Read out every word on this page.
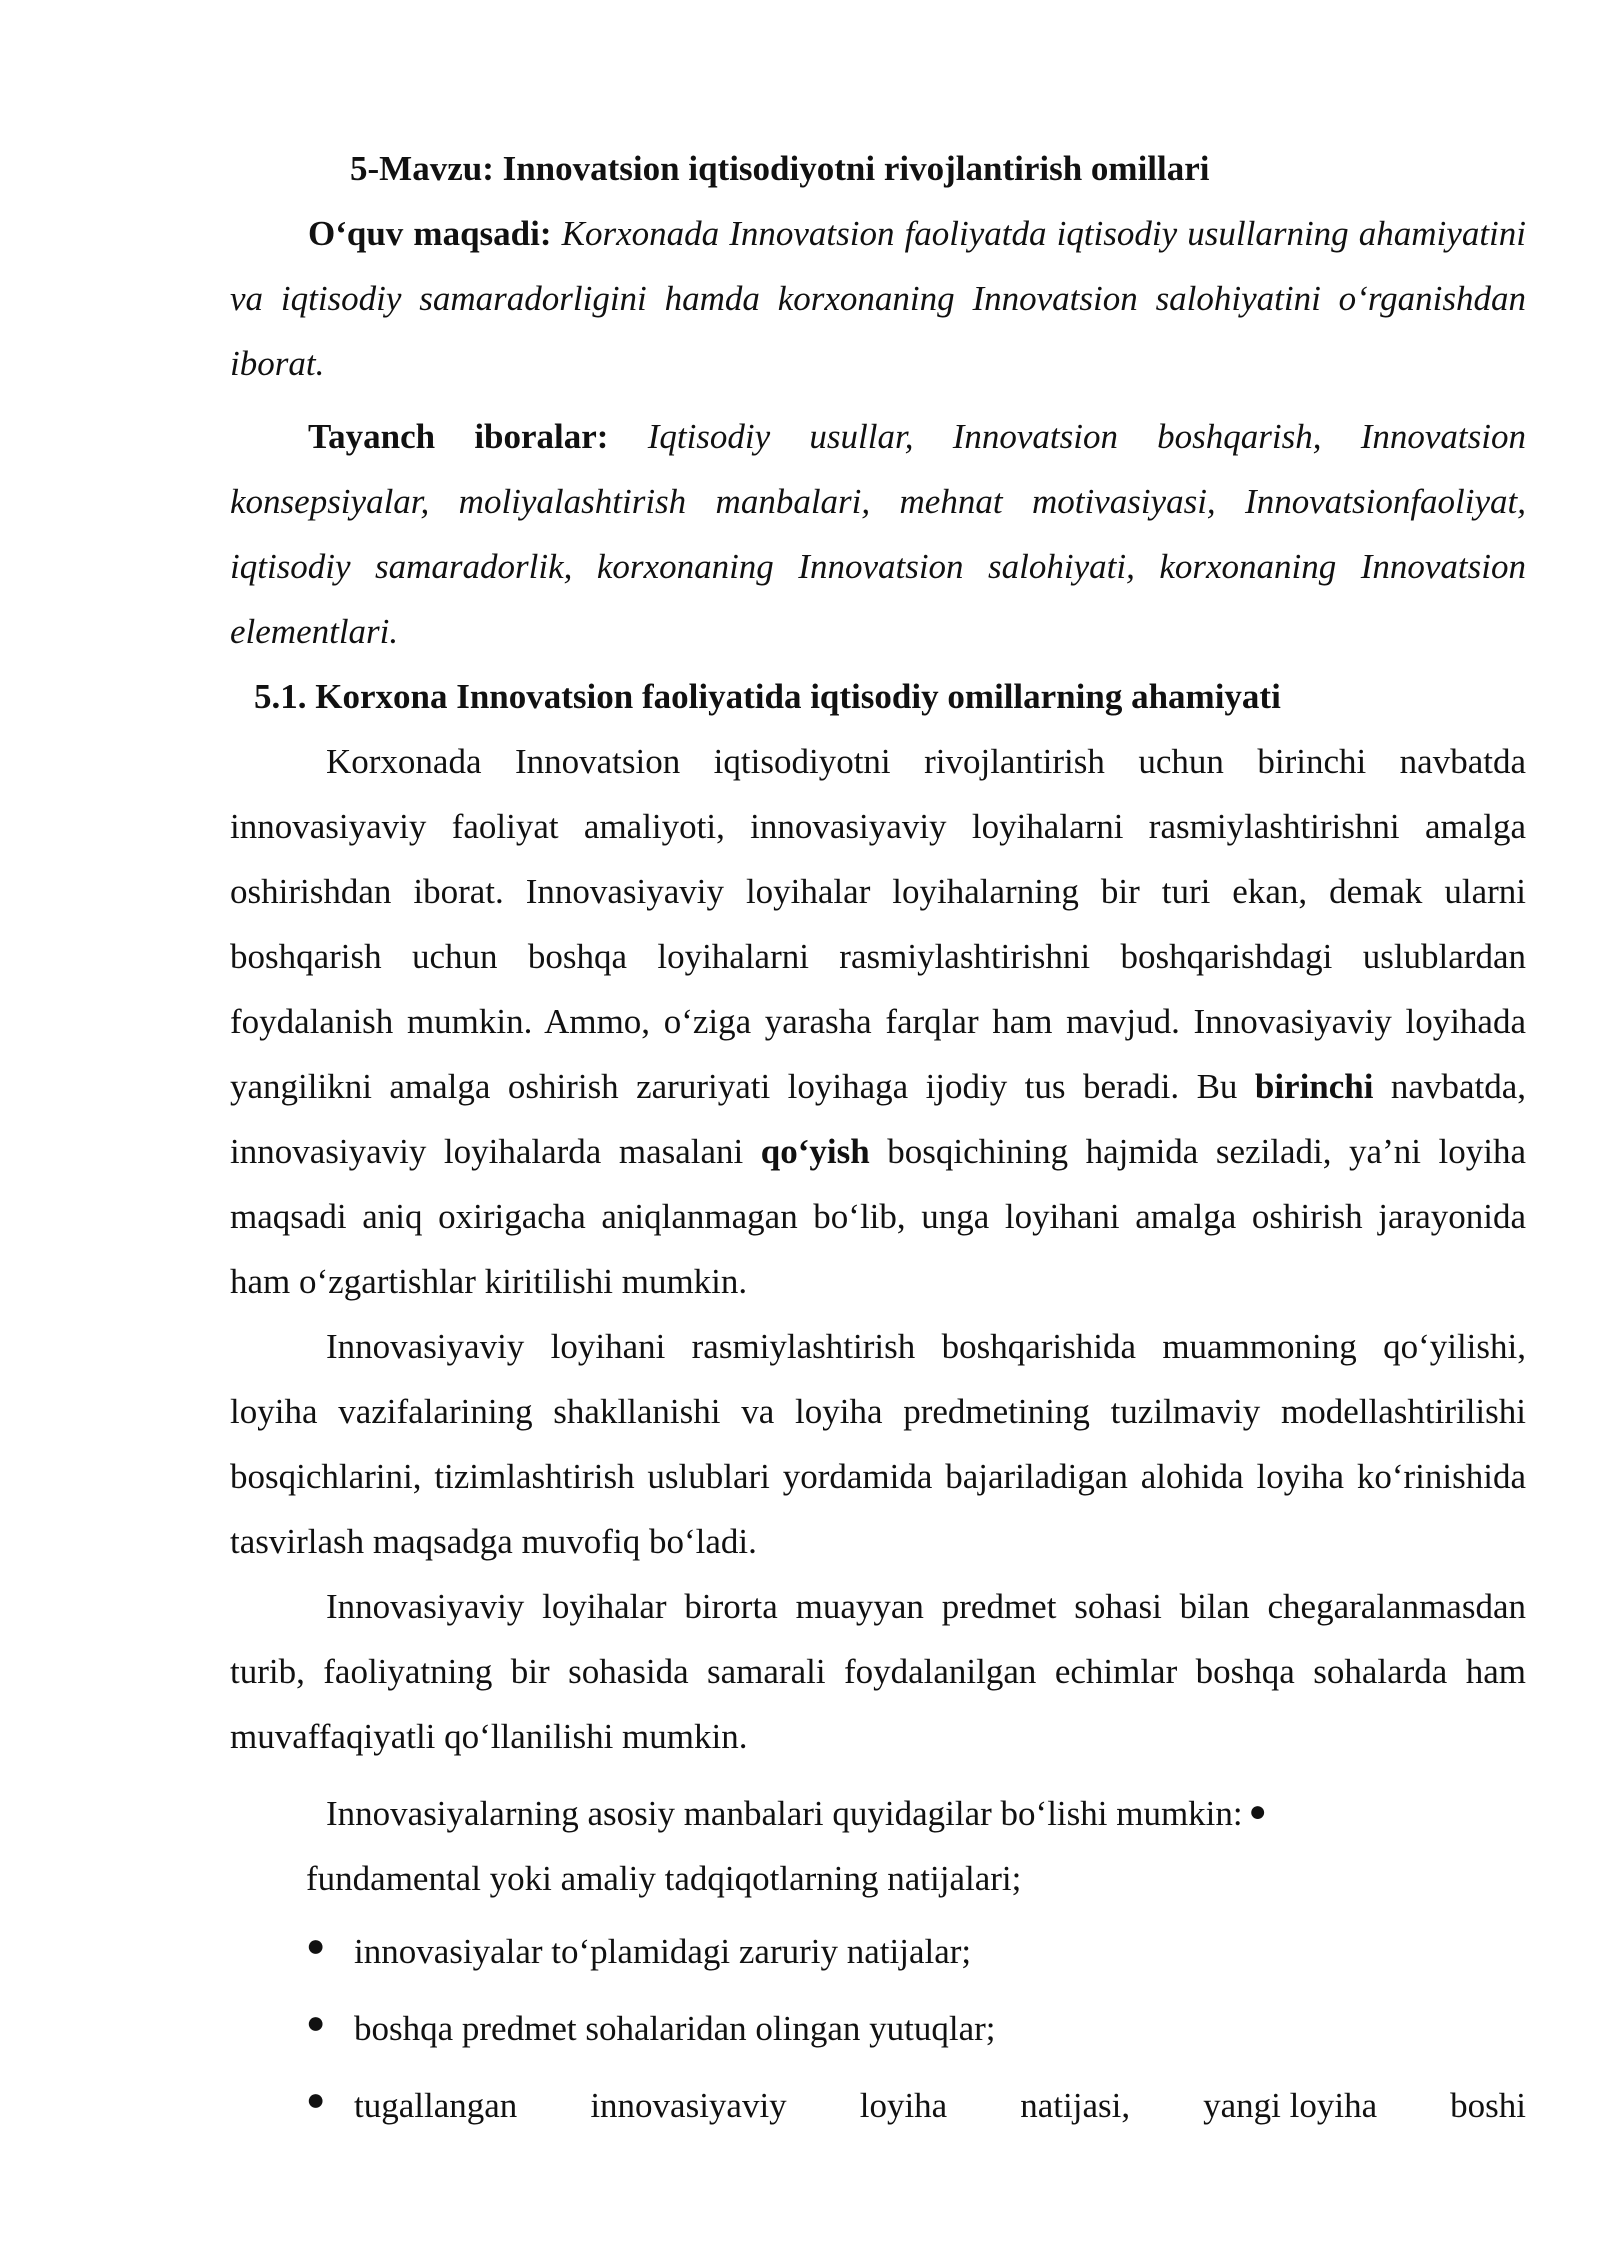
5-Mavzu: Innovatsion iqtisodiyotni rivojlantirish omillari

O‘quv maqsadi: Korxonada Innovatsion faoliyatda iqtisodiy usullarning ahamiyatini va iqtisodiy samaradorligini hamda korxonaning Innovatsion salohiyatini o‘rganishdan iborat.

Tayanch iboralar: Iqtisodiy usullar, Innovatsion boshqarish, Innovatsion konsepsiyalar, moliyalashtirish manbalari, mehnat motivasiyasi, Innovatsionfaoliyat, iqtisodiy samaradorlik, korxonaning Innovatsion salohiyati, korxonaning Innovatsion elementlari.

5.1. Korxona Innovatsion faoliyatida iqtisodiy omillarning ahamiyati

Korxonada Innovatsion iqtisodiyotni rivojlantirish uchun birinchi navbatda innovasiyaviy faoliyat amaliyoti, innovasiyaviy loyihalarni rasmiylashtirishni amalga oshirishdan iborat. Innovasiyaviy loyihalar loyihalarning bir turi ekan, demak ularni boshqarish uchun boshqa loyihalarni rasmiylashtirishni boshqarishdagi uslublardan foydalanish mumkin. Ammo, o‘ziga yarasha farqlar ham mavjud. Innovasiyaviy loyihada yangilikni amalga oshirish zaruriyati loyihaga ijodiy tus beradi. Bu birinchi navbatda, innovasiyaviy loyihalarda masalani qo‘yish bosqichining hajmida seziladi, ya’ni loyiha maqsadi aniq oxirigacha aniqlanmagan bo‘lib, unga loyihani amalga oshirish jarayonida ham o‘zgartishlar kiritilishi mumkin.

Innovasiyaviy loyihani rasmiylashtirish boshqarishida muammoning qo‘yilishi, loyiha vazifalarining shakllanishi va loyiha predmetining tuzilmaviy modellashtirilishi bosqichlarini, tizimlashtirish uslublari yordamida bajariladigan alohida loyiha ko‘rinishida tasvirlash maqsadga muvofiq bo‘ladi.

Innovasiyaviy loyihalar birorta muayyan predmet sohasi bilan chegaralanmasdan turib, faoliyatning bir sohasida samarali foydalanilgan echimlar boshqa sohalarda ham muvaffaqiyatli qo‘llanilishi mumkin.

Innovasiyalarning asosiy manbalari quyidagilar bo‘lishi mumkin: ●

fundamental yoki amaliy tadqiqotlarning natijalari;

● innovasiyalar to‘plamidagi zaruriy natijalar;
● boshqa predmet sohalaridan olingan yutuqlar;
● tugallangan innovasiyaviy loyiha natijasi, yangi loyiha boshi
